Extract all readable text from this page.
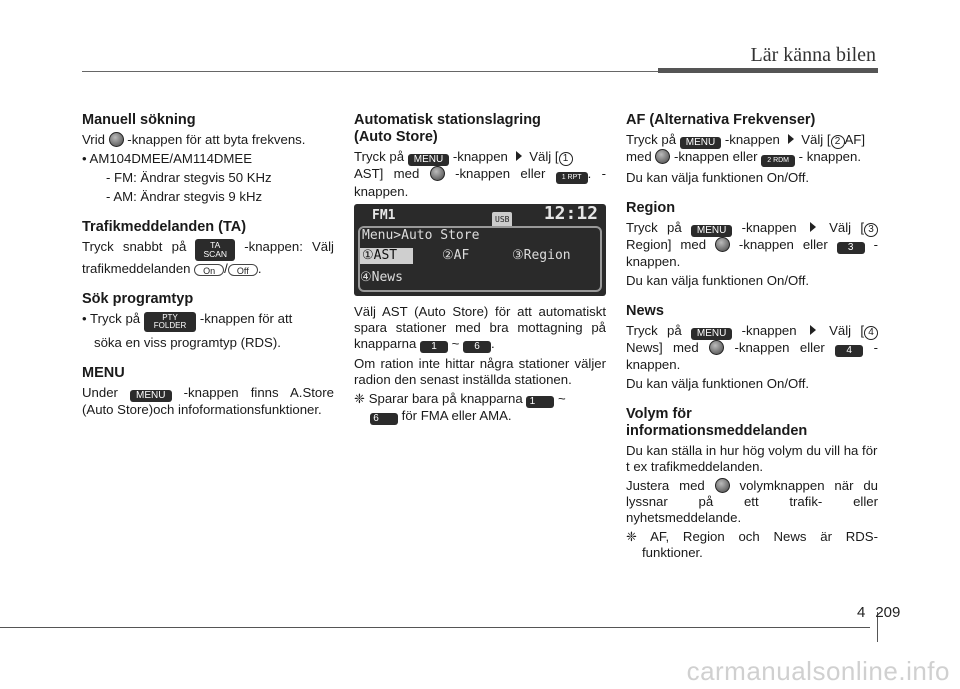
Lär känna bilen
Manuell sökning

Vrid  -knappen för att byta frekvens.

• AM104DMEE/AM114DMEE

- FM: Ändrar stegvis 50 KHz

- AM: Ändrar stegvis 9 kHz

Trafikmeddelanden (TA)

Tryck snabbt på TA
SCAN -knappen: Välj trafikmeddelanden On / Off .

Sök programtyp

• Tryck på PTY
FOLDER -knappen för att

söka en viss programtyp (RDS).

MENU

Under MENU -knappen finns A.Store (Auto Store)och infoformationsfunktioner.

Automatisk stationslagring
(Auto Store)

Tryck på MENU -knappen  Välj [ 1
AST] med  -knappen eller 1 RPT . - knappen.

FM1	USB 12:12
Menu>Auto Store
①AST	②AF	③Region
④News

Välj AST (Auto Store) för att automatiskt spara stationer med bra mottagning på knapparna 1 ~ 6 .

Om ration inte hittar några stationer väljer radion den senast inställda stationen.

❈ Sparar bara på knapparna 1 ~
6 för FMA eller AMA.

AF (Alternativa Frekvenser)

Tryck på MENU -knappen  Välj [ 2 AF] med  -knappen eller 2 RDM - knappen.

Du kan välja funktionen On/Off.

Region

Tryck på MENU -knappen  Välj [ 3Region] med  -knappen eller 3 - knappen.

Du kan välja funktionen On/Off.

News

Tryck på MENU -knappen  Välj [ 4News] med  -knappen eller 4 - knappen.

Du kan välja funktionen On/Off.

Volym för
informationsmeddelanden

Du kan ställa in hur hög volym du vill ha för t ex trafikmeddelanden.

Justera med  volymknappen när du lyssnar på ett trafik- eller nyhetsmeddelande.

❈ AF, Region och News är RDS-funktioner.

4 209
carmanualsonline.info
